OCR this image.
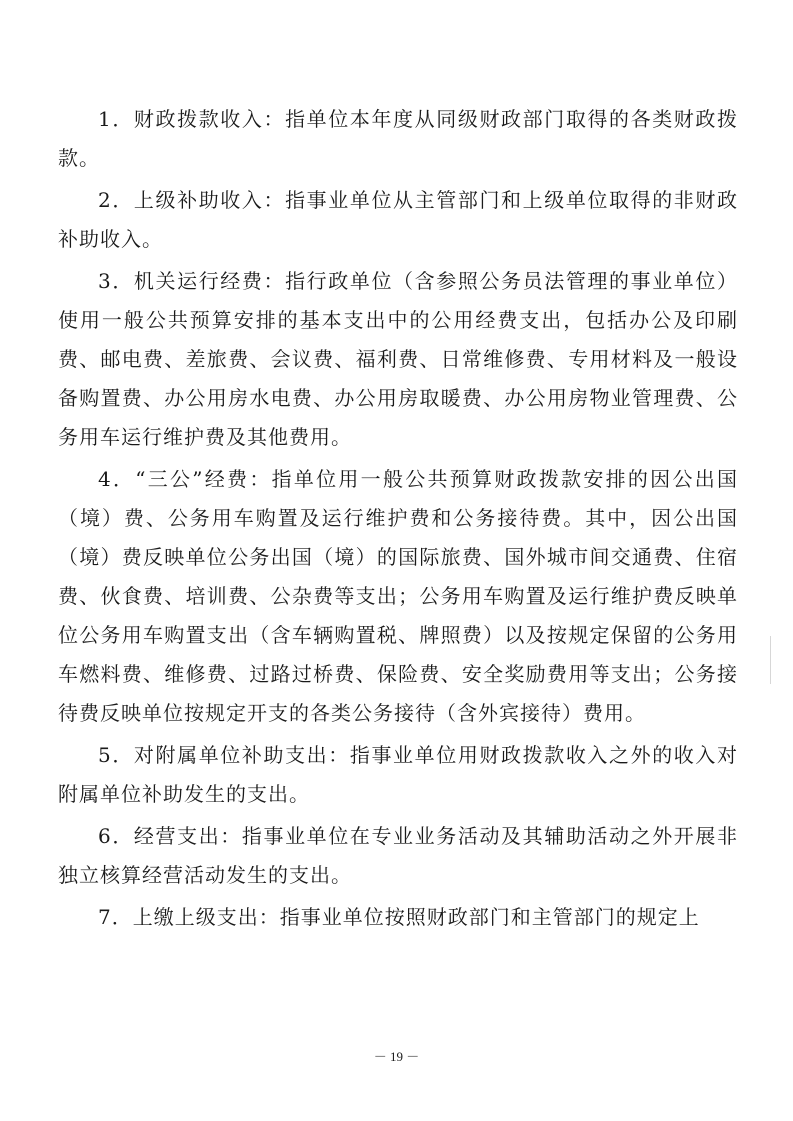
1．财政拨款收入：指单位本年度从同级财政部门取得的各类财政拨款。

2．上级补助收入：指事业单位从主管部门和上级单位取得的非财政补助收入。

3．机关运行经费：指行政单位（含参照公务员法管理的事业单位）使用一般公共预算安排的基本支出中的公用经费支出，包括办公及印刷费、邮电费、差旅费、会议费、福利费、日常维修费、专用材料及一般设备购置费、办公用房水电费、办公用房取暖费、办公用房物业管理费、公务用车运行维护费及其他费用。

4．“三公”经费：指单位用一般公共预算财政拨款安排的因公出国（境）费、公务用车购置及运行维护费和公务接待费。其中，因公出国（境）费反映单位公务出国（境）的国际旅费、国外城市间交通费、住宿费、伙食费、培训费、公杂费等支出；公务用车购置及运行维护费反映单位公务用车购置支出（含车辆购置税、牌照费）以及按规定保留的公务用车燃料费、维修费、过路过桥费、保险费、安全奖励费用等支出；公务接待费反映单位按规定开支的各类公务接待（含外宾接待）费用。

5．对附属单位补助支出：指事业单位用财政拨款收入之外的收入对附属单位补助发生的支出。

6．经营支出：指事业单位在专业业务活动及其辅助活动之外开展非独立核算经营活动发生的支出。

7．上缴上级支出：指事业单位按照财政部门和主管部门的规定上

－ 19 －
